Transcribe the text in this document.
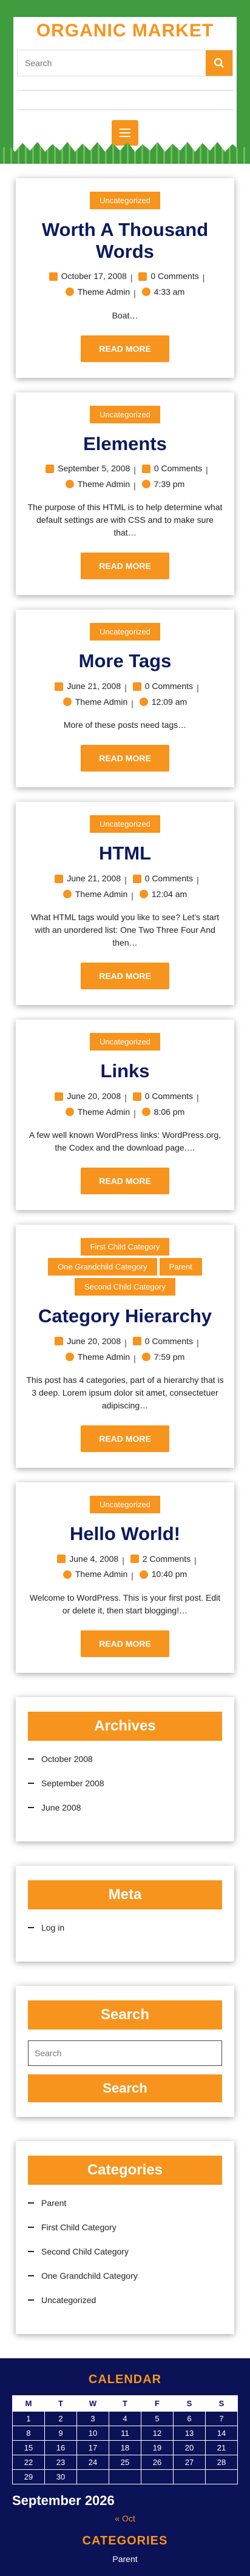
ORGANIC MARKET
Search
Uncategorized
Worth A Thousand Words
October 17, 2008 | 0 Comments |
Theme Admin | 4:33 am

Boat…

READ MORE
Uncategorized
Elements
September 5, 2008 | 0 Comments |
Theme Admin | 7:39 pm

The purpose of this HTML is to help determine what default settings are with CSS and to make sure that…

READ MORE
Uncategorized
More Tags
June 21, 2008 | 0 Comments |
Theme Admin | 12:09 am

More of these posts need tags…

READ MORE
Uncategorized
HTML
June 21, 2008 | 0 Comments |
Theme Admin | 12:04 am

What HTML tags would you like to see? Let's start with an unordered list: One Two Three Four And then…

READ MORE
Uncategorized
Links
June 20, 2008 | 0 Comments |
Theme Admin | 8:06 pm

A few well known WordPress links: WordPress.org, the Codex and the download page.…

READ MORE
First Child Category
One Grandchild Category	Parent
Second Child Category
Category Hierarchy
June 20, 2008 | 0 Comments |
Theme Admin | 7:59 pm

This post has 4 categories, part of a hierarchy that is 3 deep. Lorem ipsum dolor sit amet, consectetuer adipiscing…

READ MORE
Uncategorized
Hello World!
June 4, 2008 | 2 Comments |
Theme Admin | 10:40 pm

Welcome to WordPress. This is your first post. Edit or delete it, then start blogging!…

READ MORE
Archives
October 2008
September 2008
June 2008
Meta
Log in
Search
Search
Search
Categories
Parent
First Child Category
Second Child Category
One Grandchild Category
Uncategorized
CALENDAR
M	T	W	T	F	S	S
1	2	3	4	5	6	7
8	9	10	11	12	13	14
15	16	17	18	19	20	21
22	23	24	25	26	27	28
29	30					
September 2026
« Oct
CATEGORIES
Parent
